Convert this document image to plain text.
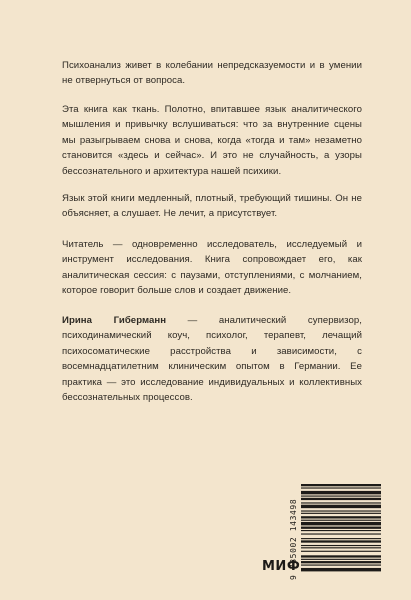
Психоанализ живет в колебании непредсказуемости и в умении не отвернуться от вопроса.

Эта книга как ткань. Полотно, впитавшее язык аналитического мышления и привычку вслушиваться: что за внутренние сцены мы разыгрываем снова и снова, когда «тогда и там» незаметно становится «здесь и сейчас». И это не случайность, а узоры бессознательного и архитектура нашей психики.

Язык этой книги медленный, плотный, требующий тишины. Он не объясняет, а слушает. Не лечит, а присутствует.

Читатель — одновременно исследователь, исследуемый и инструмент исследования. Книга сопровождает его, как аналитическая сессия: с паузами, отступлениями, с молчанием, которое говорит больше слов и создает движение.

Ирина Гиберманн — аналитический супервизор, психодинамический коуч, психолог, терапевт, лечащий психосоматические расстройства и зависимости, с восемнадцатилетним клиническим опытом в Германии. Ее практика — это исследование индивидуальных и коллективных бессознательных процессов.

МИФ
9 785002 143498
